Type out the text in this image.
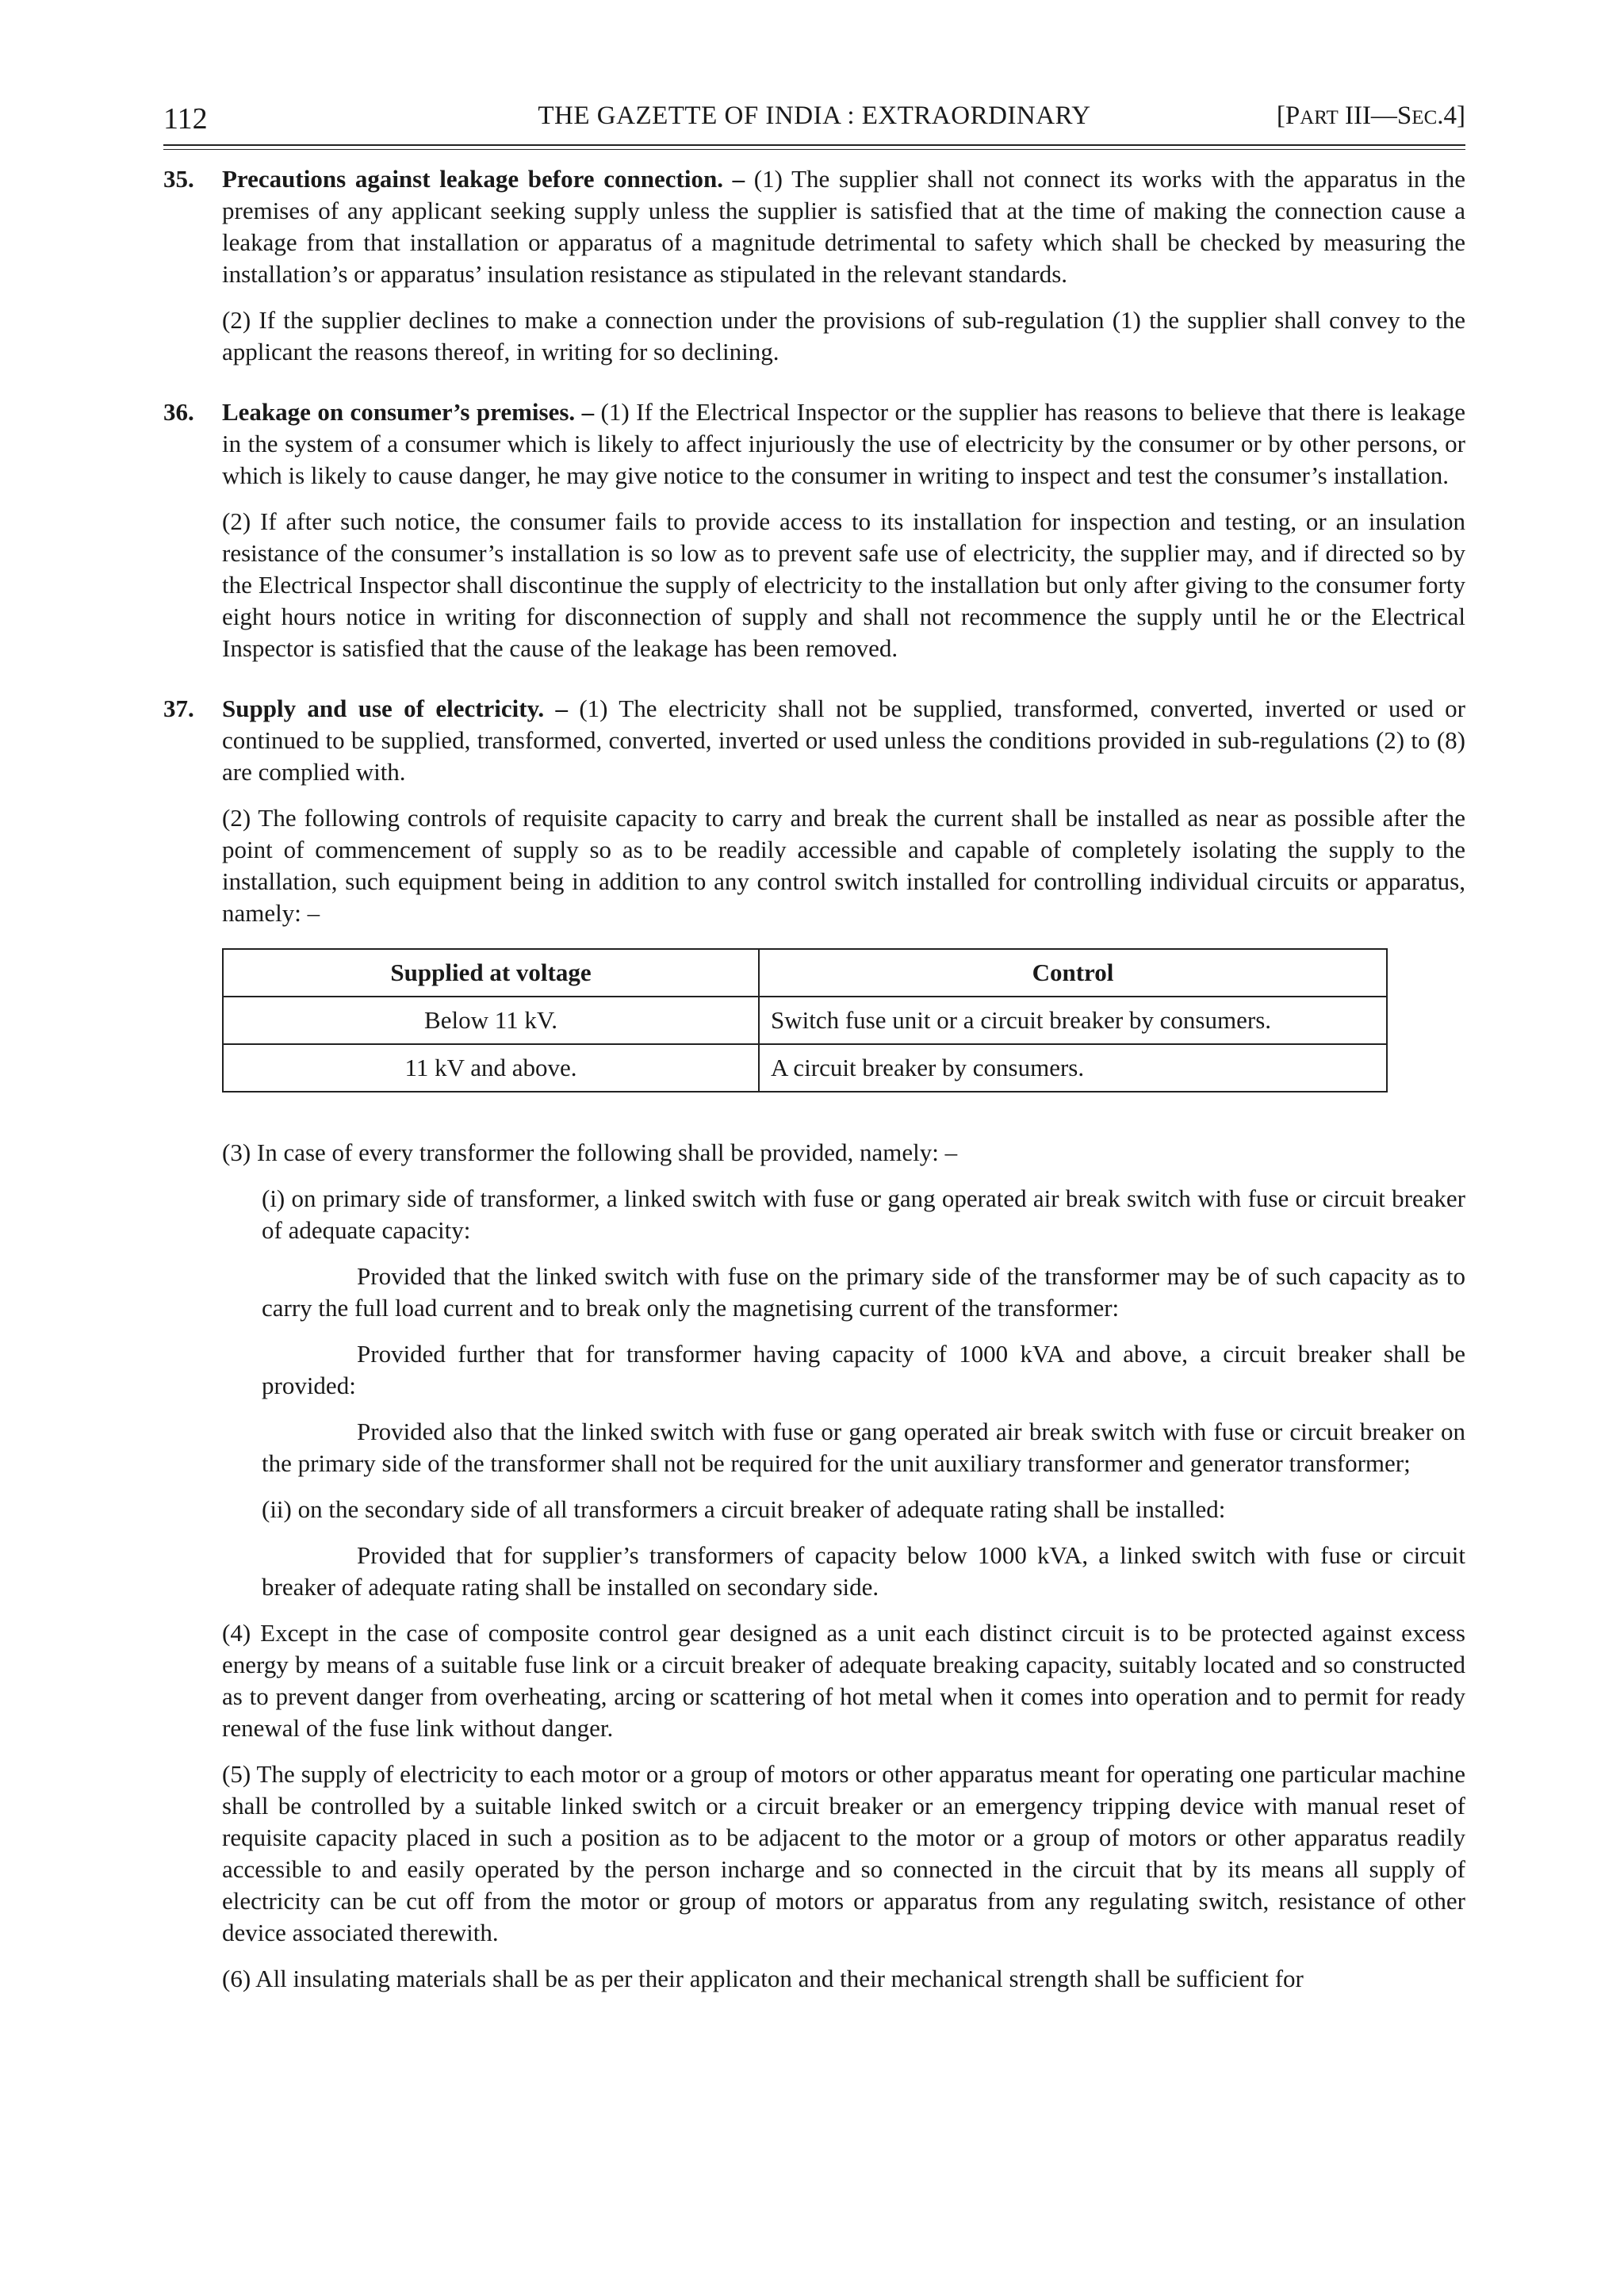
112	THE GAZETTE OF INDIA : EXTRAORDINARY	[PART III—SEC.4]
35.	Precautions against leakage before connection. – (1) The supplier shall not connect its works with the apparatus in the premises of any applicant seeking supply unless the supplier is satisfied that at the time of making the connection cause a leakage from that installation or apparatus of a magnitude detrimental to safety which shall be checked by measuring the installation’s or apparatus’ insulation resistance as stipulated in the relevant standards.

(2) If the supplier declines to make a connection under the provisions of sub-regulation (1) the supplier shall convey to the applicant the reasons thereof, in writing for so declining.

36.	Leakage on consumer’s premises. – (1) If the Electrical Inspector or the supplier has reasons to believe that there is leakage in the system of a consumer which is likely to affect injuriously the use of electricity by the consumer or by other persons, or which is likely to cause danger, he may give notice to the consumer in writing to inspect and test the consumer’s installation.

(2) If after such notice, the consumer fails to provide access to its installation for inspection and testing, or an insulation resistance of the consumer’s installation is so low as to prevent safe use of electricity, the supplier may, and if directed so by the Electrical Inspector shall discontinue the supply of electricity to the installation but only after giving to the consumer forty eight hours notice in writing for disconnection of supply and shall not recommence the supply until he or the Electrical Inspector is satisfied that the cause of the leakage has been removed.

37.	Supply and use of electricity. – (1) The electricity shall not be supplied, transformed, converted, inverted or used or continued to be supplied, transformed, converted, inverted or used unless the conditions provided in sub-regulations (2) to (8) are complied with.

(2) The following controls of requisite capacity to carry and break the current shall be installed as near as possible after the point of commencement of supply so as to be readily accessible and capable of completely isolating the supply to the installation, such equipment being in addition to any control switch installed for controlling individual circuits or apparatus, namely: –

Supplied at voltage	Control
Below 11 kV.	Switch fuse unit or a circuit breaker by consumers.
11 kV and above.	A circuit breaker by consumers.

(3) In case of every transformer the following shall be provided, namely: –

(i) on primary side of transformer, a linked switch with fuse or gang operated air break switch with fuse or circuit breaker of adequate capacity:

Provided that the linked switch with fuse on the primary side of the transformer may be of such capacity as to carry the full load current and to break only the magnetising current of the transformer:

Provided further that for transformer having capacity of 1000 kVA and above, a circuit breaker shall be provided:

Provided also that the linked switch with fuse or gang operated air break switch with fuse or circuit breaker on the primary side of the transformer shall not be required for the unit auxiliary transformer and generator transformer;

(ii) on the secondary side of all transformers a circuit breaker of adequate rating shall be installed:

Provided that for supplier’s transformers of capacity below 1000 kVA, a linked switch with fuse or circuit breaker of adequate rating shall be installed on secondary side.

(4) Except in the case of composite control gear designed as a unit each distinct circuit is to be protected against excess energy by means of a suitable fuse link or a circuit breaker of adequate breaking capacity, suitably located and so constructed as to prevent danger from overheating, arcing or scattering of hot metal when it comes into operation and to permit for ready renewal of the fuse link without danger.

(5) The supply of electricity to each motor or a group of motors or other apparatus meant for operating one particular machine shall be controlled by a suitable linked switch or a circuit breaker or an emergency tripping device with manual reset of requisite capacity placed in such a position as to be adjacent to the motor or a group of motors or other apparatus readily accessible to and easily operated by the person incharge and so connected in the circuit that by its means all supply of electricity can be cut off from the motor or group of motors or apparatus from any regulating switch, resistance of other device associated therewith.

(6) All insulating materials shall be as per their applicaton and their mechanical strength shall be sufficient for
